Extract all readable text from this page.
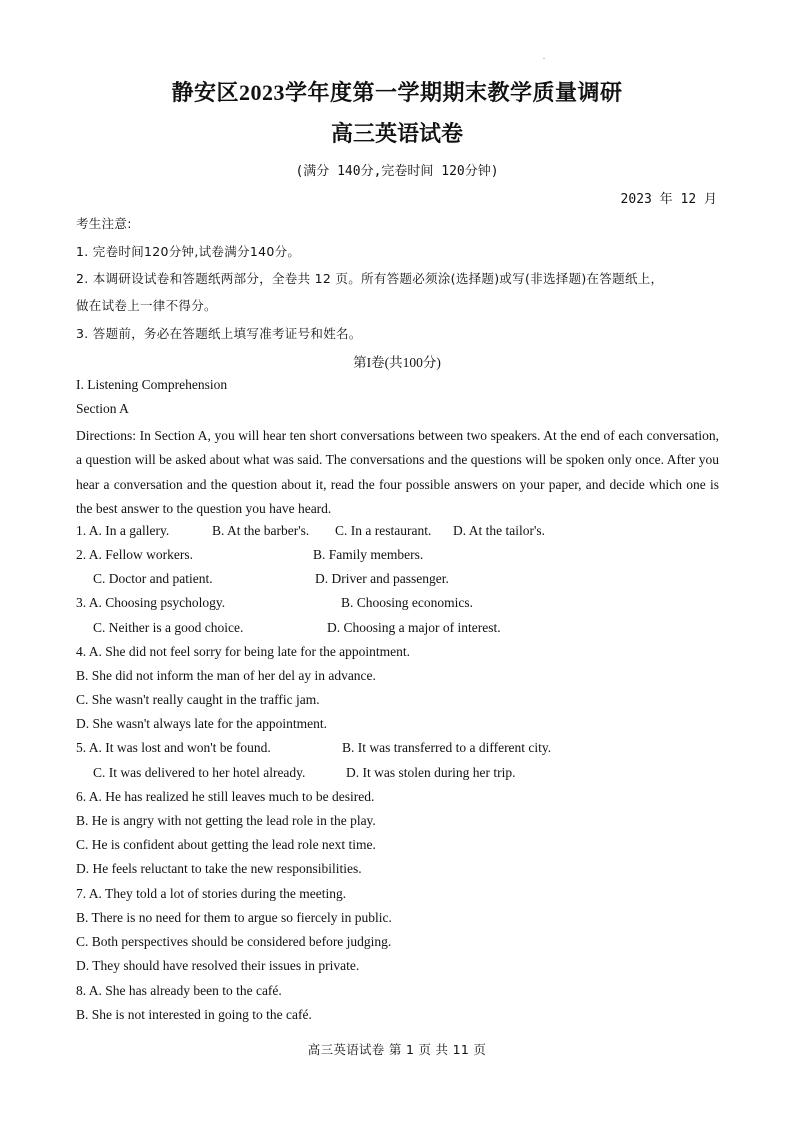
.
静安区2023学年度第一学期期末教学质量调研
高三英语试卷
(满分 140分,完卷时间 120分钟)
2023 年 12 月
考生注意:
1. 完卷时间120分钟,试卷满分140分。
2. 本调研设试卷和答题纸两部分，全卷共 12 页。所有答题必须涂(选择题)或写(非选择题)在答题纸上，
做在试卷上一律不得分。
3. 答题前，务必在答题纸上填写准考证号和姓名。
第I卷(共100分)
I. Listening Comprehension
Section A
Directions: In Section A, you will hear ten short conversations between two speakers. At the end of each conversation, a question will be asked about what was said. The conversations and the questions will be spoken only once. After you hear a conversation and the question about it, read the four possible answers on your paper, and decide which one is the best answer to the question you have heard.
1. A. In a gallery.	B. At the barber's. C. In a restaurant. D. At the tailor's.
2. A. Fellow workers.	B. Family members.
C. Doctor and patient.	D. Driver and passenger.
3. A. Choosing psychology.	B. Choosing economics.
C. Neither is a good choice.	D. Choosing a major of interest.
4. A. She did not feel sorry for being late for the appointment.
B. She did not inform the man of her del ay in advance.
C. She wasn't really caught in the traffic jam.
D. She wasn't always late for the appointment.
5. A. It was lost and won't be found.	B. It was transferred to a different city.
C. It was delivered to her hotel already.	D. It was stolen during her trip.
6. A. He has realized he still leaves much to be desired.
B. He is angry with not getting the lead role in the play.
C. He is confident about getting the lead role next time.
D. He feels reluctant to take the new responsibilities.
7. A. They told a lot of stories during the meeting.
B. There is no need for them to argue so fiercely in public.
C. Both perspectives should be considered before judging.
D. They should have resolved their issues in private.
8. A. She has already been to the café.
B. She is not interested in going to the café.
高三英语试卷 第 1 页 共 11 页
